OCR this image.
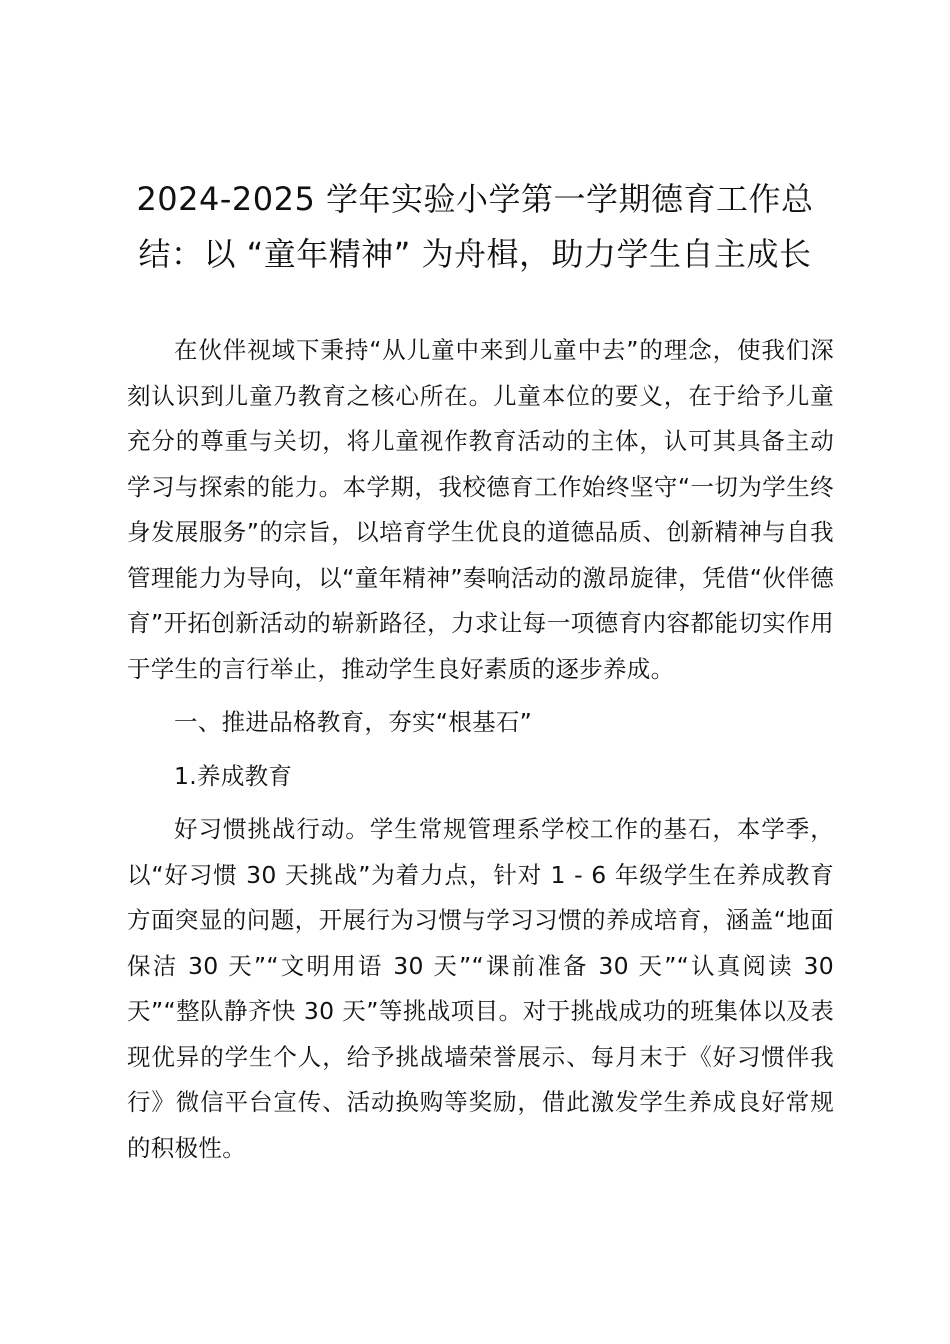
2024-2025 学年实验小学第一学期德育工作总结：以 “童年精神” 为舟楫，助力学生自主成长

在伙伴视域下秉持“从儿童中来到儿童中去”的理念，使我们深刻认识到儿童乃教育之核心所在。儿童本位的要义，在于给予儿童充分的尊重与关切，将儿童视作教育活动的主体，认可其具备主动学习与探索的能力。本学期，我校德育工作始终坚守“一切为学生终身发展服务”的宗旨，以培育学生优良的道德品质、创新精神与自我管理能力为导向，以“童年精神”奏响活动的激昂旋律，凭借“伙伴德育”开拓创新活动的崭新路径，力求让每一项德育内容都能切实作用于学生的言行举止，推动学生良好素质的逐步养成。

一、推进品格教育，夯实“根基石”

1.养成教育

好习惯挑战行动。学生常规管理系学校工作的基石，本学季，以“好习惯 30 天挑战”为着力点，针对 1 - 6 年级学生在养成教育方面突显的问题，开展行为习惯与学习习惯的养成培育，涵盖“地面保洁 30 天”“文明用语 30 天”“课前准备 30 天”“认真阅读 30 天”“整队静齐快 30 天”等挑战项目。对于挑战成功的班集体以及表现优异的学生个人，给予挑战墙荣誉展示、每月末于《好习惯伴我行》微信平台宣传、活动换购等奖励，借此激发学生养成良好常规的积极性。
